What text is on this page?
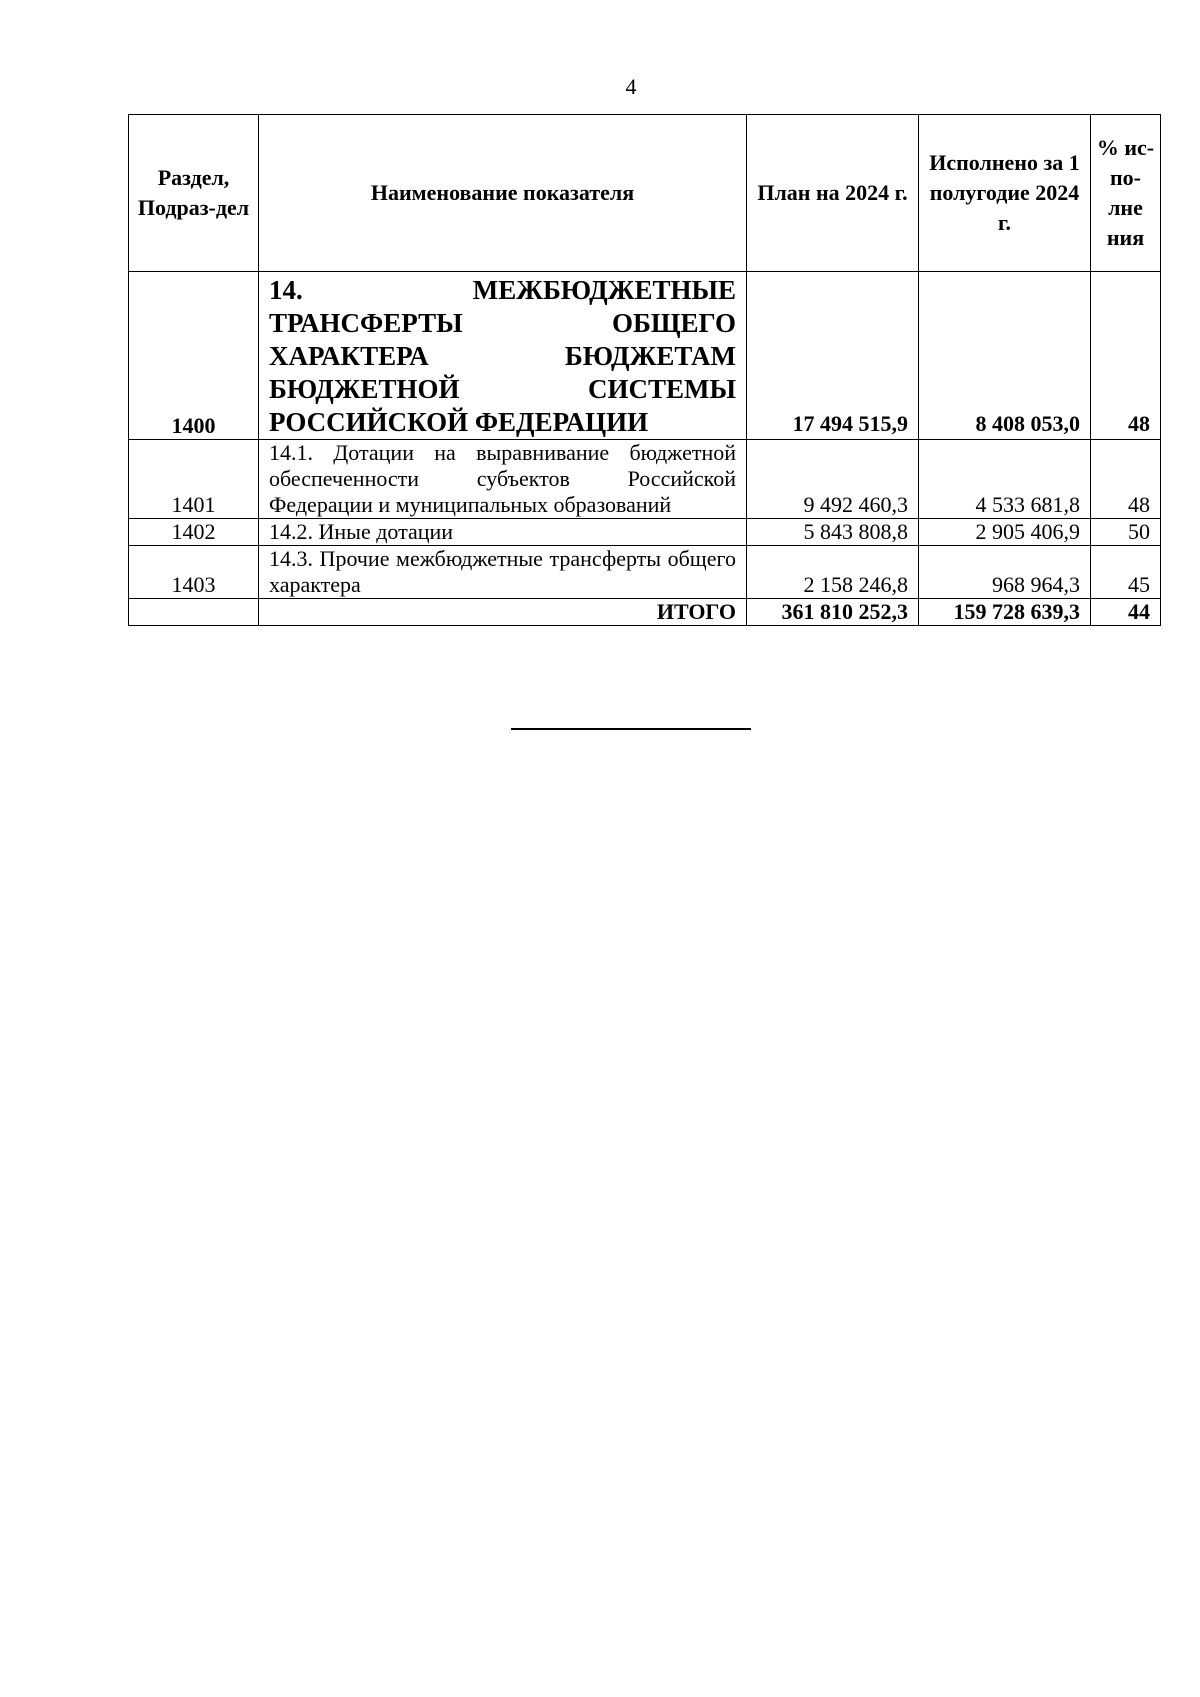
4
Раздел, Подраз-дел	Наименование показателя	План на 2024 г.	Исполнено за 1 полугодие 2024 г.	% ис-по-лне ния
1400	14. МЕЖБЮДЖЕТНЫЕ ТРАНСФЕРТЫ ОБЩЕГО ХАРАКТЕРА БЮДЖЕТАМ БЮДЖЕТНОЙ СИСТЕМЫ РОССИЙСКОЙ ФЕДЕРАЦИИ	17 494 515,9	8 408 053,0	48
1401	14.1. Дотации на выравнивание бюджетной обеспеченности субъектов Российской Федерации и муниципальных образований	9 492 460,3	4 533 681,8	48
1402	14.2. Иные дотации	5 843 808,8	2 905 406,9	50
1403	14.3. Прочие межбюджетные трансферты общего характера	2 158 246,8	968 964,3	45
	ИТОГО	361 810 252,3	159 728 639,3	44
